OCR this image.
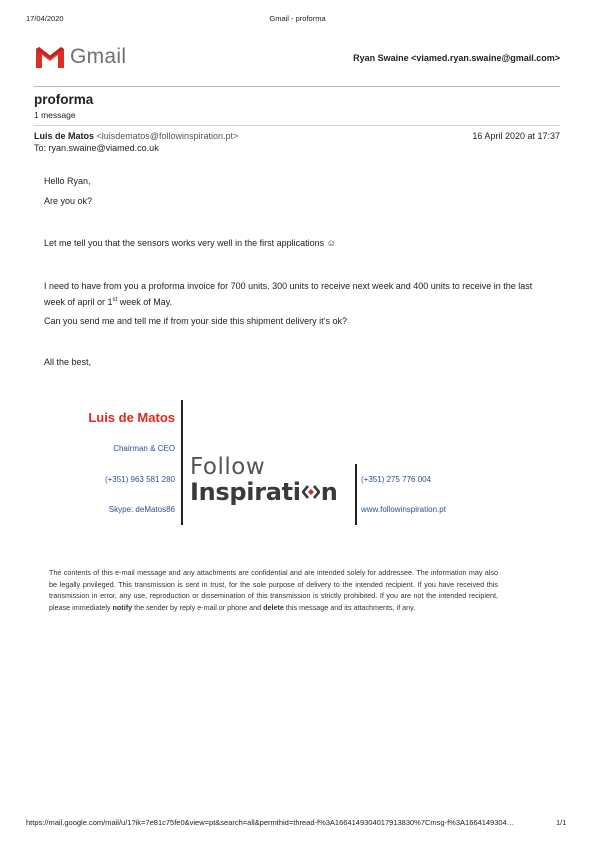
17/04/2020	Gmail - proforma
Gmail	Ryan Swaine <viamed.ryan.swaine@gmail.com>
proforma
1 message
Luis de Matos <luisdematos@followinspiration.pt>	16 April 2020 at 17:37
To: ryan.swaine@viamed.co.uk
Hello Ryan,
Are you ok?
Let me tell you that the sensors works very well in the first applications ☺
I need to have from you a proforma invoice for 700 units. 300 units to receive next week and 400 units to receive in the last week of april or 1st week of May.
Can you send me and tell me if from your side this shipment delivery it’s ok?
All the best,
Luis de Matos
Chairman & CEO
(+351) 963 581 280
Skype: deMatos86
Follow
Inspirati n	(+351) 275 776 004
www.followinspiration.pt
The contents of this e-mail message and any attachments are confidential and are intended solely for addressee. The information may also be legally privileged. This transmission is sent in trust, for the sole purpose of delivery to the intended recipient. If you have received this transmission in error, any use, reproduction or dissemination of this transmission is strictly prohibited. If you are not the intended recipient, please immediately notify the sender by reply e-mail or phone and delete this message and its attachments, if any.
https://mail.google.com/mail/u/1?ik=7e81c75fe0&view=pt&search=all&permthid=thread-f%3A1664149304017913830%7Cmsg-f%3A1664149304…	1/1
